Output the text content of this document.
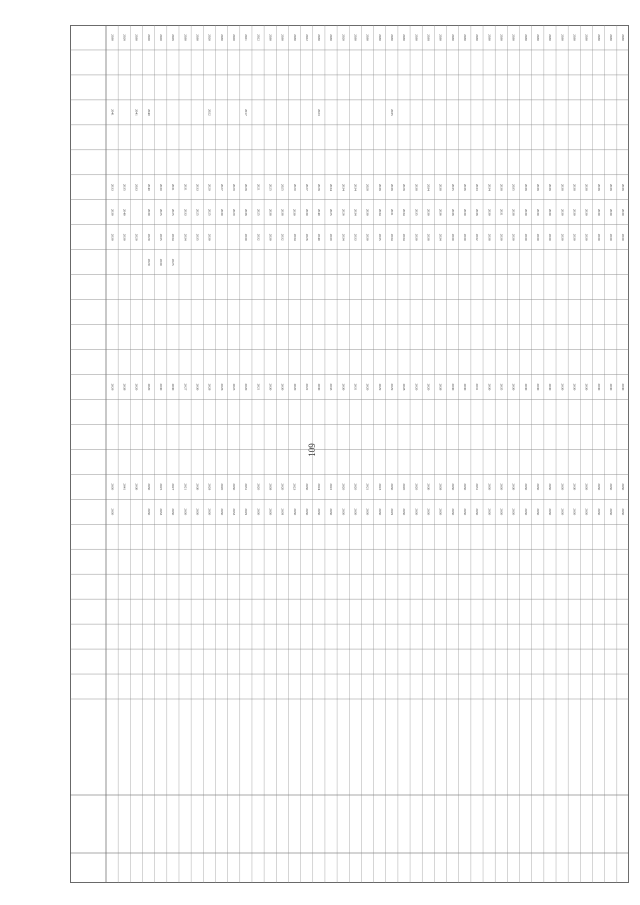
109
2030
2041
2033
2030
2030
2026
2030
2030
2026
2035
2040
2030
2038
2041
2030
2041
2033
2020
2020
2030
2020
2040
2040
2030
2020
2020
2020
2030
2030
2020
2030
2025
2035
2030
2030
2025
2033
2026
2031
2025
2034
2025
2030
2027
2030
2030
2031
2033
2034
2027
2021
2030
2030
2033
2025
2035
2030
2030
2030
2020
2022
2020
2025
2030
2028
2028
2030
2030
2027
2030
2026
2020
2030
2020
2029
2029
2023
2030
2033
2021
2017
2028
2038
2030
2020
2031
2029
2022
2021
2025
2032
2021
2020
2030
2030
2025
2038
2030
2030
2038
2030
2030
2025
2038
2032
2030
2020
2039
2030
2020
2030
2034
2020
2023
2030
2022
2027
2030
2026
2022
2030
2030
2030
2023
2028
2040
2040
2030
2024
2030
2030
2034
2025
2039
2033
2022
2030
2020
2034
2026
2034
2030
2020
2030
2030
2034
2034
2033
2031
2020
2030
2030
2028
2030
2030
2020
2021
2030
2030
2038
2034
2035
2029
2023
2030
2030
2035
2038
2031
2034
2029
2030
2029
2030
2028
2034
2034
2028
2020
2030
2030
2038
2035
2030
2020
2020
2030
2038
2034
2030
2038
2020
2030
2030
2030
2038
2036
2034
2038
2038
2030
2030
2035
2038
2030
2030
2030
2030
2030
2036
2030
2030
2030
2030
2030
2030
2033
2038
2032
2031
2031
2030
2030
2034
2030
2038
2030
2030
2030
2030
2038
2031
2030
2035
2030
2030
2030
2035
2038
2030
2030
2030
2030
2030
2038
2030
2030
2030
2030
2030
2030
2038
2030
2030
2030
2030
2030
2030
2038
2030
2030
2030
2030
2030
2030
2038
2030
2030
2030
2030
2030
2030
2038
2030
2030
2030
2030
2030
2030
2038
2030
2030
2030
2030
2030
2030
2038
2030
2030
2030
2030
2030
2030
2038
2030
2030
2030
2030
2030
2030
2038
2030
2030
2030
2030
2030
